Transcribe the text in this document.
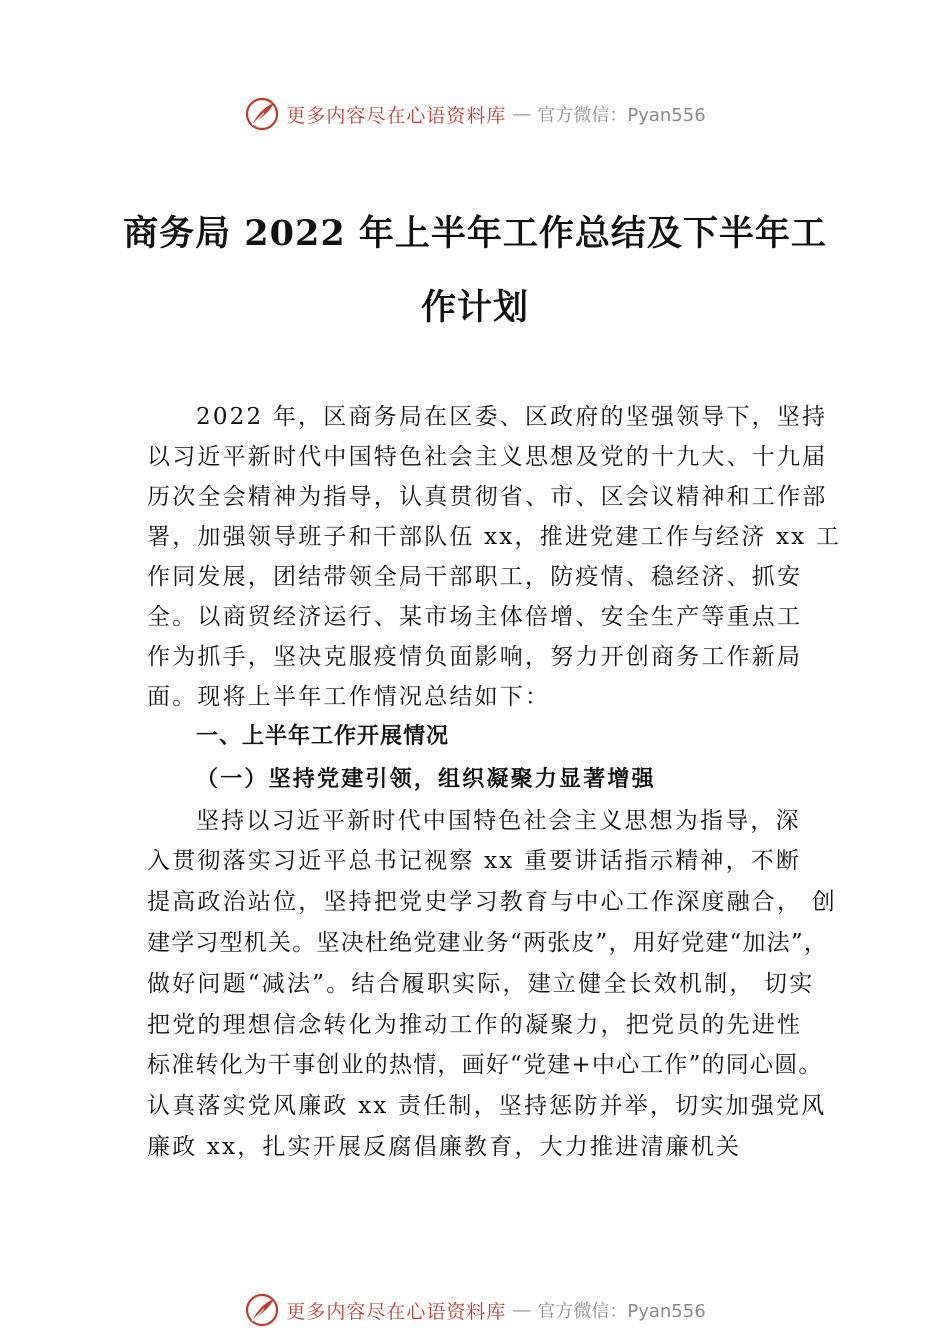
更多内容尽在心语资料库 — 官方微信：Pyan556
商务局 2022 年上半年工作总结及下半年工
作计划
2022 年，区商务局在区委、区政府的坚强领导下，坚持
以习近平新时代中国特色社会主义思想及党的十九大、十九届
历次全会精神为指导，认真贯彻省、市、区会议精神和工作部
署，加强领导班子和干部队伍 xx，推进党建工作与经济 xx 工
作同发展，团结带领全局干部职工，防疫情、稳经济、抓安
全。以商贸经济运行、某市场主体倍增、安全生产等重点工
作为抓手，坚决克服疫情负面影响，努力开创商务工作新局
面。现将上半年工作情况总结如下：
一、上半年工作开展情况
（一）坚持党建引领，组织凝聚力显著增强
坚持以习近平新时代中国特色社会主义思想为指导，深
入贯彻落实习近平总书记视察 xx 重要讲话指示精神，不断
提高政治站位，坚持把党史学习教育与中心工作深度融合， 创
建学习型机关。坚决杜绝党建业务“两张皮”，用好党建“加法”，
做好问题“减法”。结合履职实际，建立健全长效机制， 切实
把党的理想信念转化为推动工作的凝聚力，把党员的先进性
标准转化为干事创业的热情，画好“党建+中心工作”的同心圆。
认真落实党风廉政 xx 责任制，坚持惩防并举，切实加强党风
廉政 xx，扎实开展反腐倡廉教育，大力推进清廉机关
更多内容尽在心语资料库 — 官方微信：Pyan556
